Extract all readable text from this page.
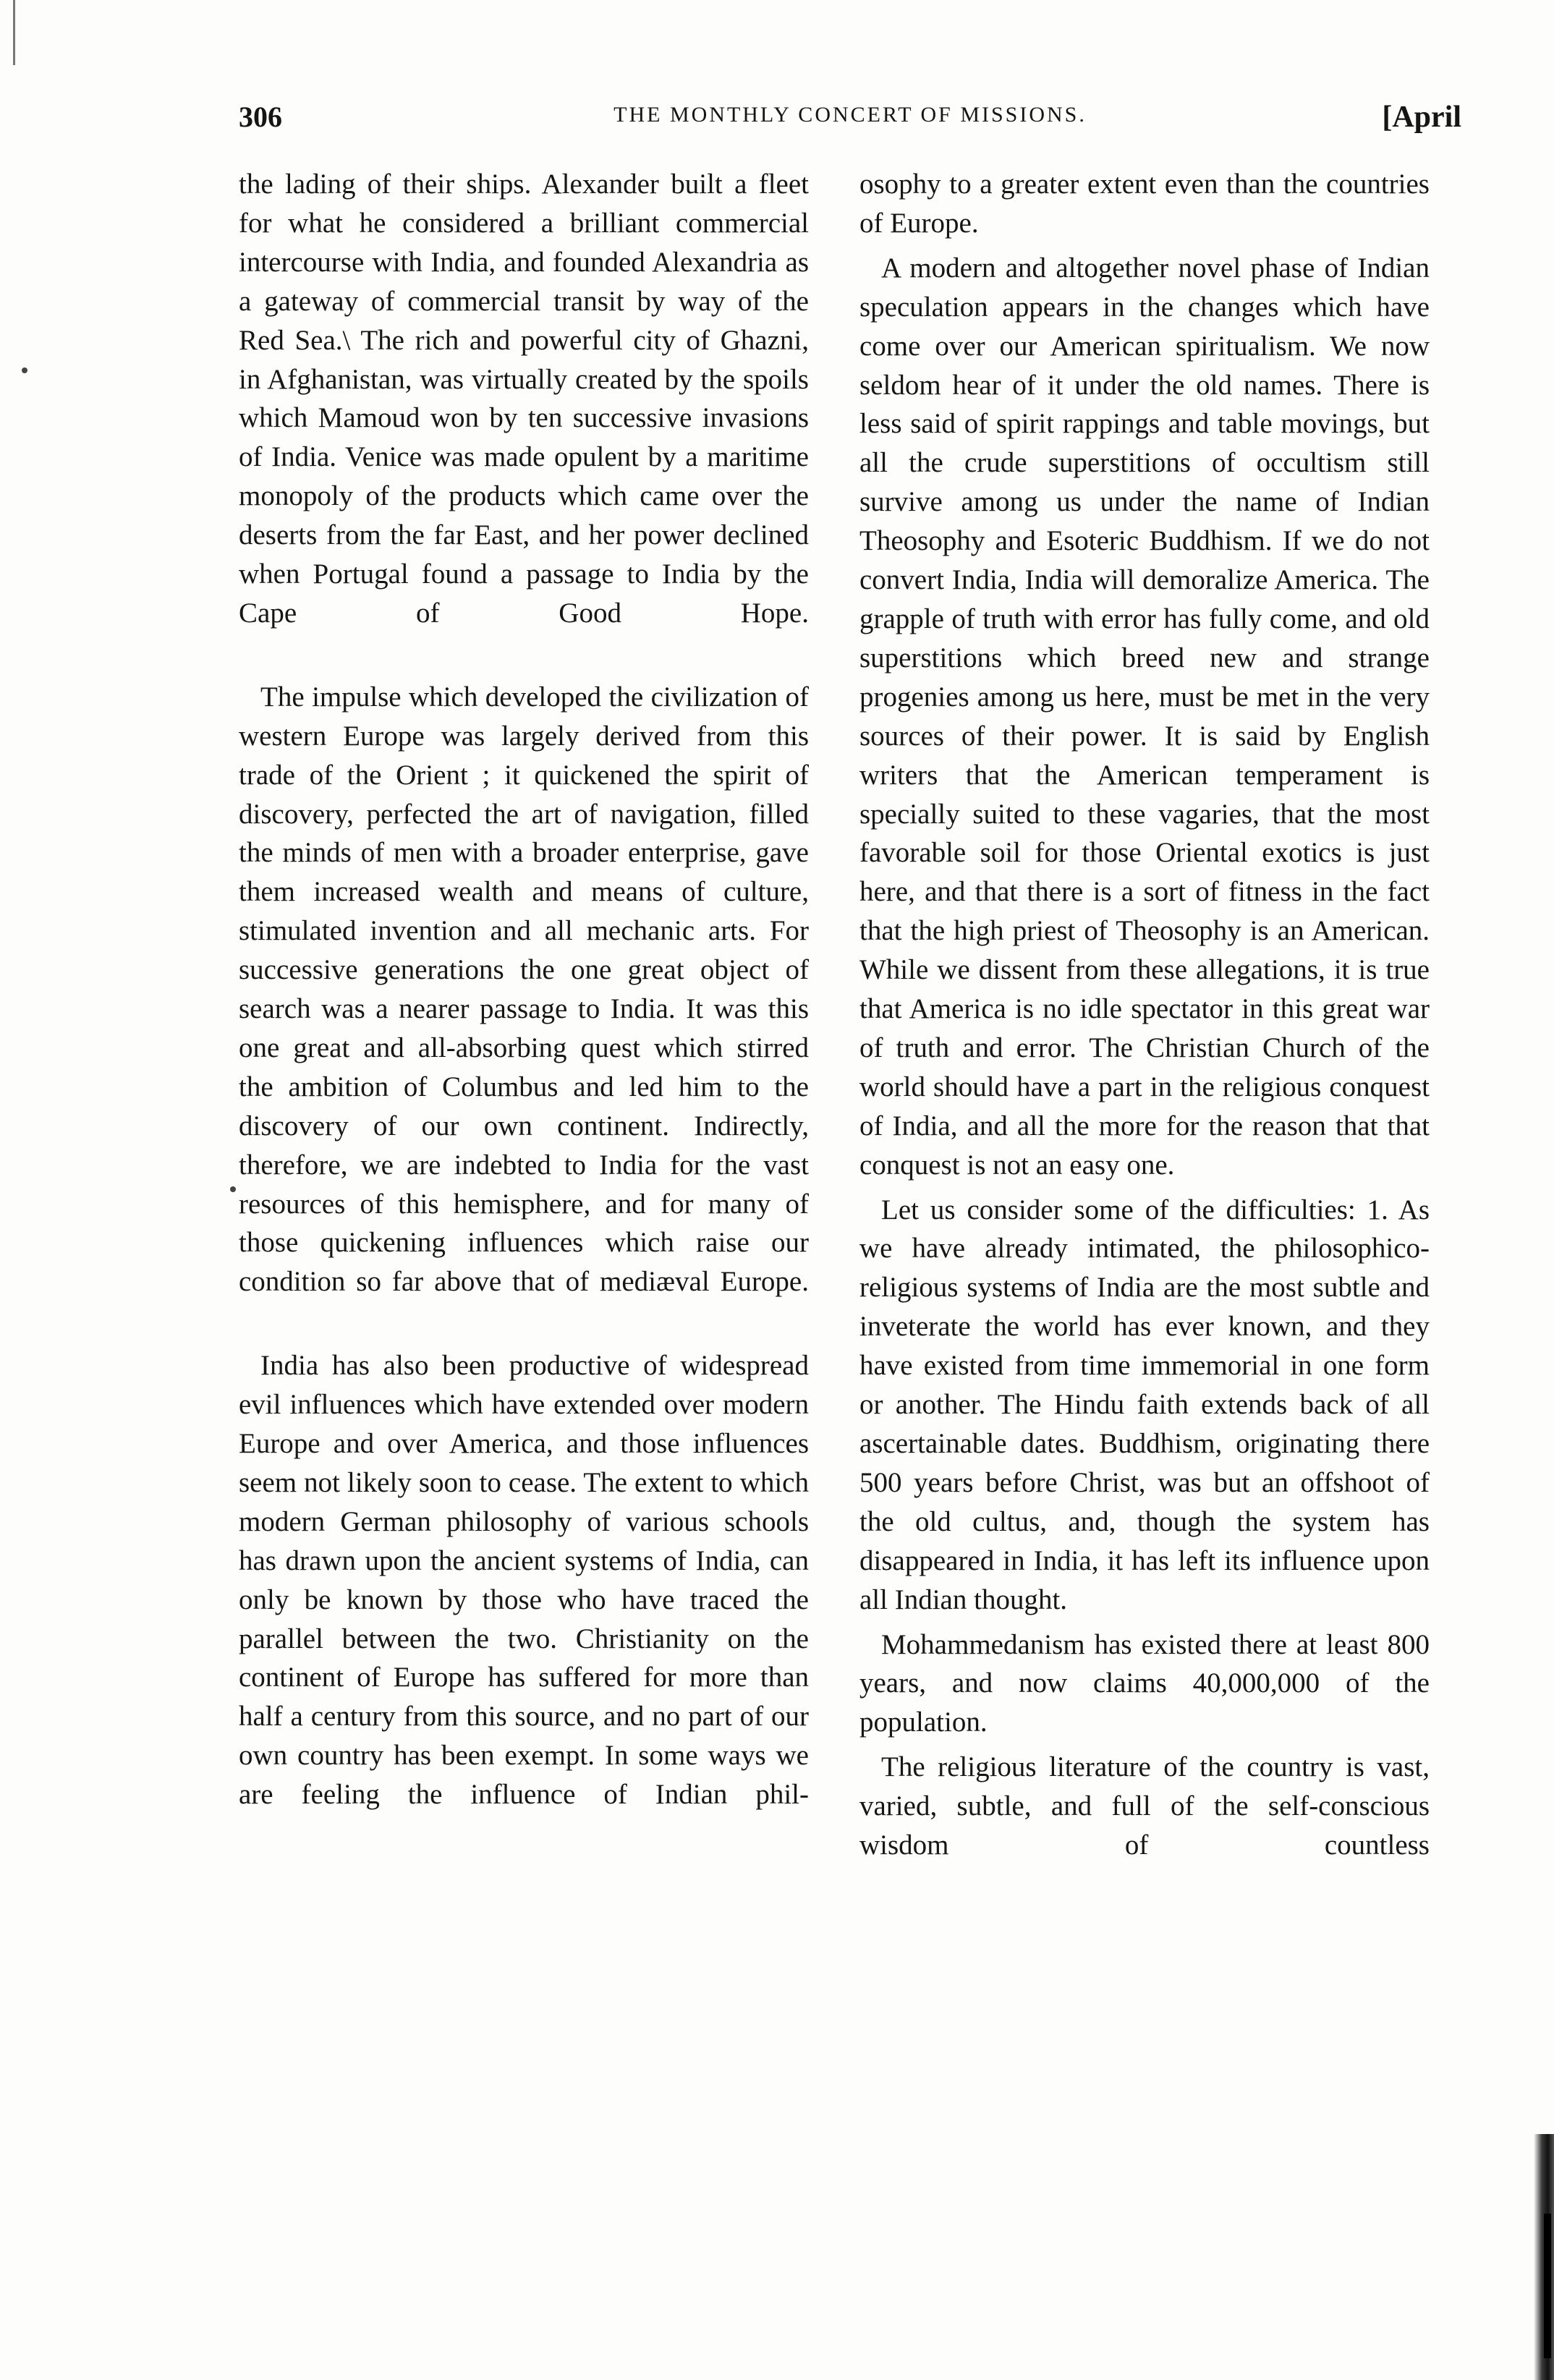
306	THE MONTHLY CONCERT OF MISSIONS.	[April

the lading of their ships. Alexander built a fleet for what he considered a brilliant commercial intercourse with India, and founded Alexandria as a gateway of commercial transit by way of the Red Sea.\ The rich and powerful city of Ghazni, in Afghanistan, was virtually created by the spoils which Mamoud won by ten successive invasions of India. Venice was made opulent by a maritime monopoly of the products which came over the deserts from the far East, and her power declined when Portugal found a passage to India by the Cape of Good Hope.

The impulse which developed the civilization of western Europe was largely derived from this trade of the Orient ; it quickened the spirit of discovery, perfected the art of navigation, filled the minds of men with a broader enterprise, gave them increased wealth and means of culture, stimulated invention and all mechanic arts. For successive generations the one great object of search was a nearer passage to India. It was this one great and all-absorbing quest which stirred the ambition of Columbus and led him to the discovery of our own continent. Indirectly, therefore, we are indebted to India for the vast resources of this hemisphere, and for many of those quickening influences which raise our condition so far above that of mediæval Europe.

India has also been productive of widespread evil influences which have extended over modern Europe and over America, and those influences seem not likely soon to cease. The extent to which modern German philosophy of various schools has drawn upon the ancient systems of India, can only be known by those who have traced the parallel between the two. Christianity on the continent of Europe has suffered for more than half a century from this source, and no part of our own country has been exempt. In some ways we are feeling the influence of Indian phil-

osophy to a greater extent even than the countries of Europe.

A modern and altogether novel phase of Indian speculation appears in the changes which have come over our American spiritualism. We now seldom hear of it under the old names. There is less said of spirit rappings and table movings, but all the crude superstitions of occultism still survive among us under the name of Indian Theosophy and Esoteric Buddhism. If we do not convert India, India will demoralize America. The grapple of truth with error has fully come, and old superstitions which breed new and strange progenies among us here, must be met in the very sources of their power. It is said by English writers that the American temperament is specially suited to these vagaries, that the most favorable soil for those Oriental exotics is just here, and that there is a sort of fitness in the fact that the high priest of Theosophy is an American. While we dissent from these allegations, it is true that America is no idle spectator in this great war of truth and error. The Christian Church of the world should have a part in the religious conquest of India, and all the more for the reason that that conquest is not an easy one.

Let us consider some of the difficulties: 1. As we have already intimated, the philosophico-religious systems of India are the most subtle and inveterate the world has ever known, and they have existed from time immemorial in one form or another. The Hindu faith extends back of all ascertainable dates. Buddhism, originating there 500 years before Christ, was but an offshoot of the old cultus, and, though the system has disappeared in India, it has left its influence upon all Indian thought.

Mohammedanism has existed there at least 800 years, and now claims 40,000,000 of the population.

The religious literature of the country is vast, varied, subtle, and full of the self-conscious wisdom of countless
